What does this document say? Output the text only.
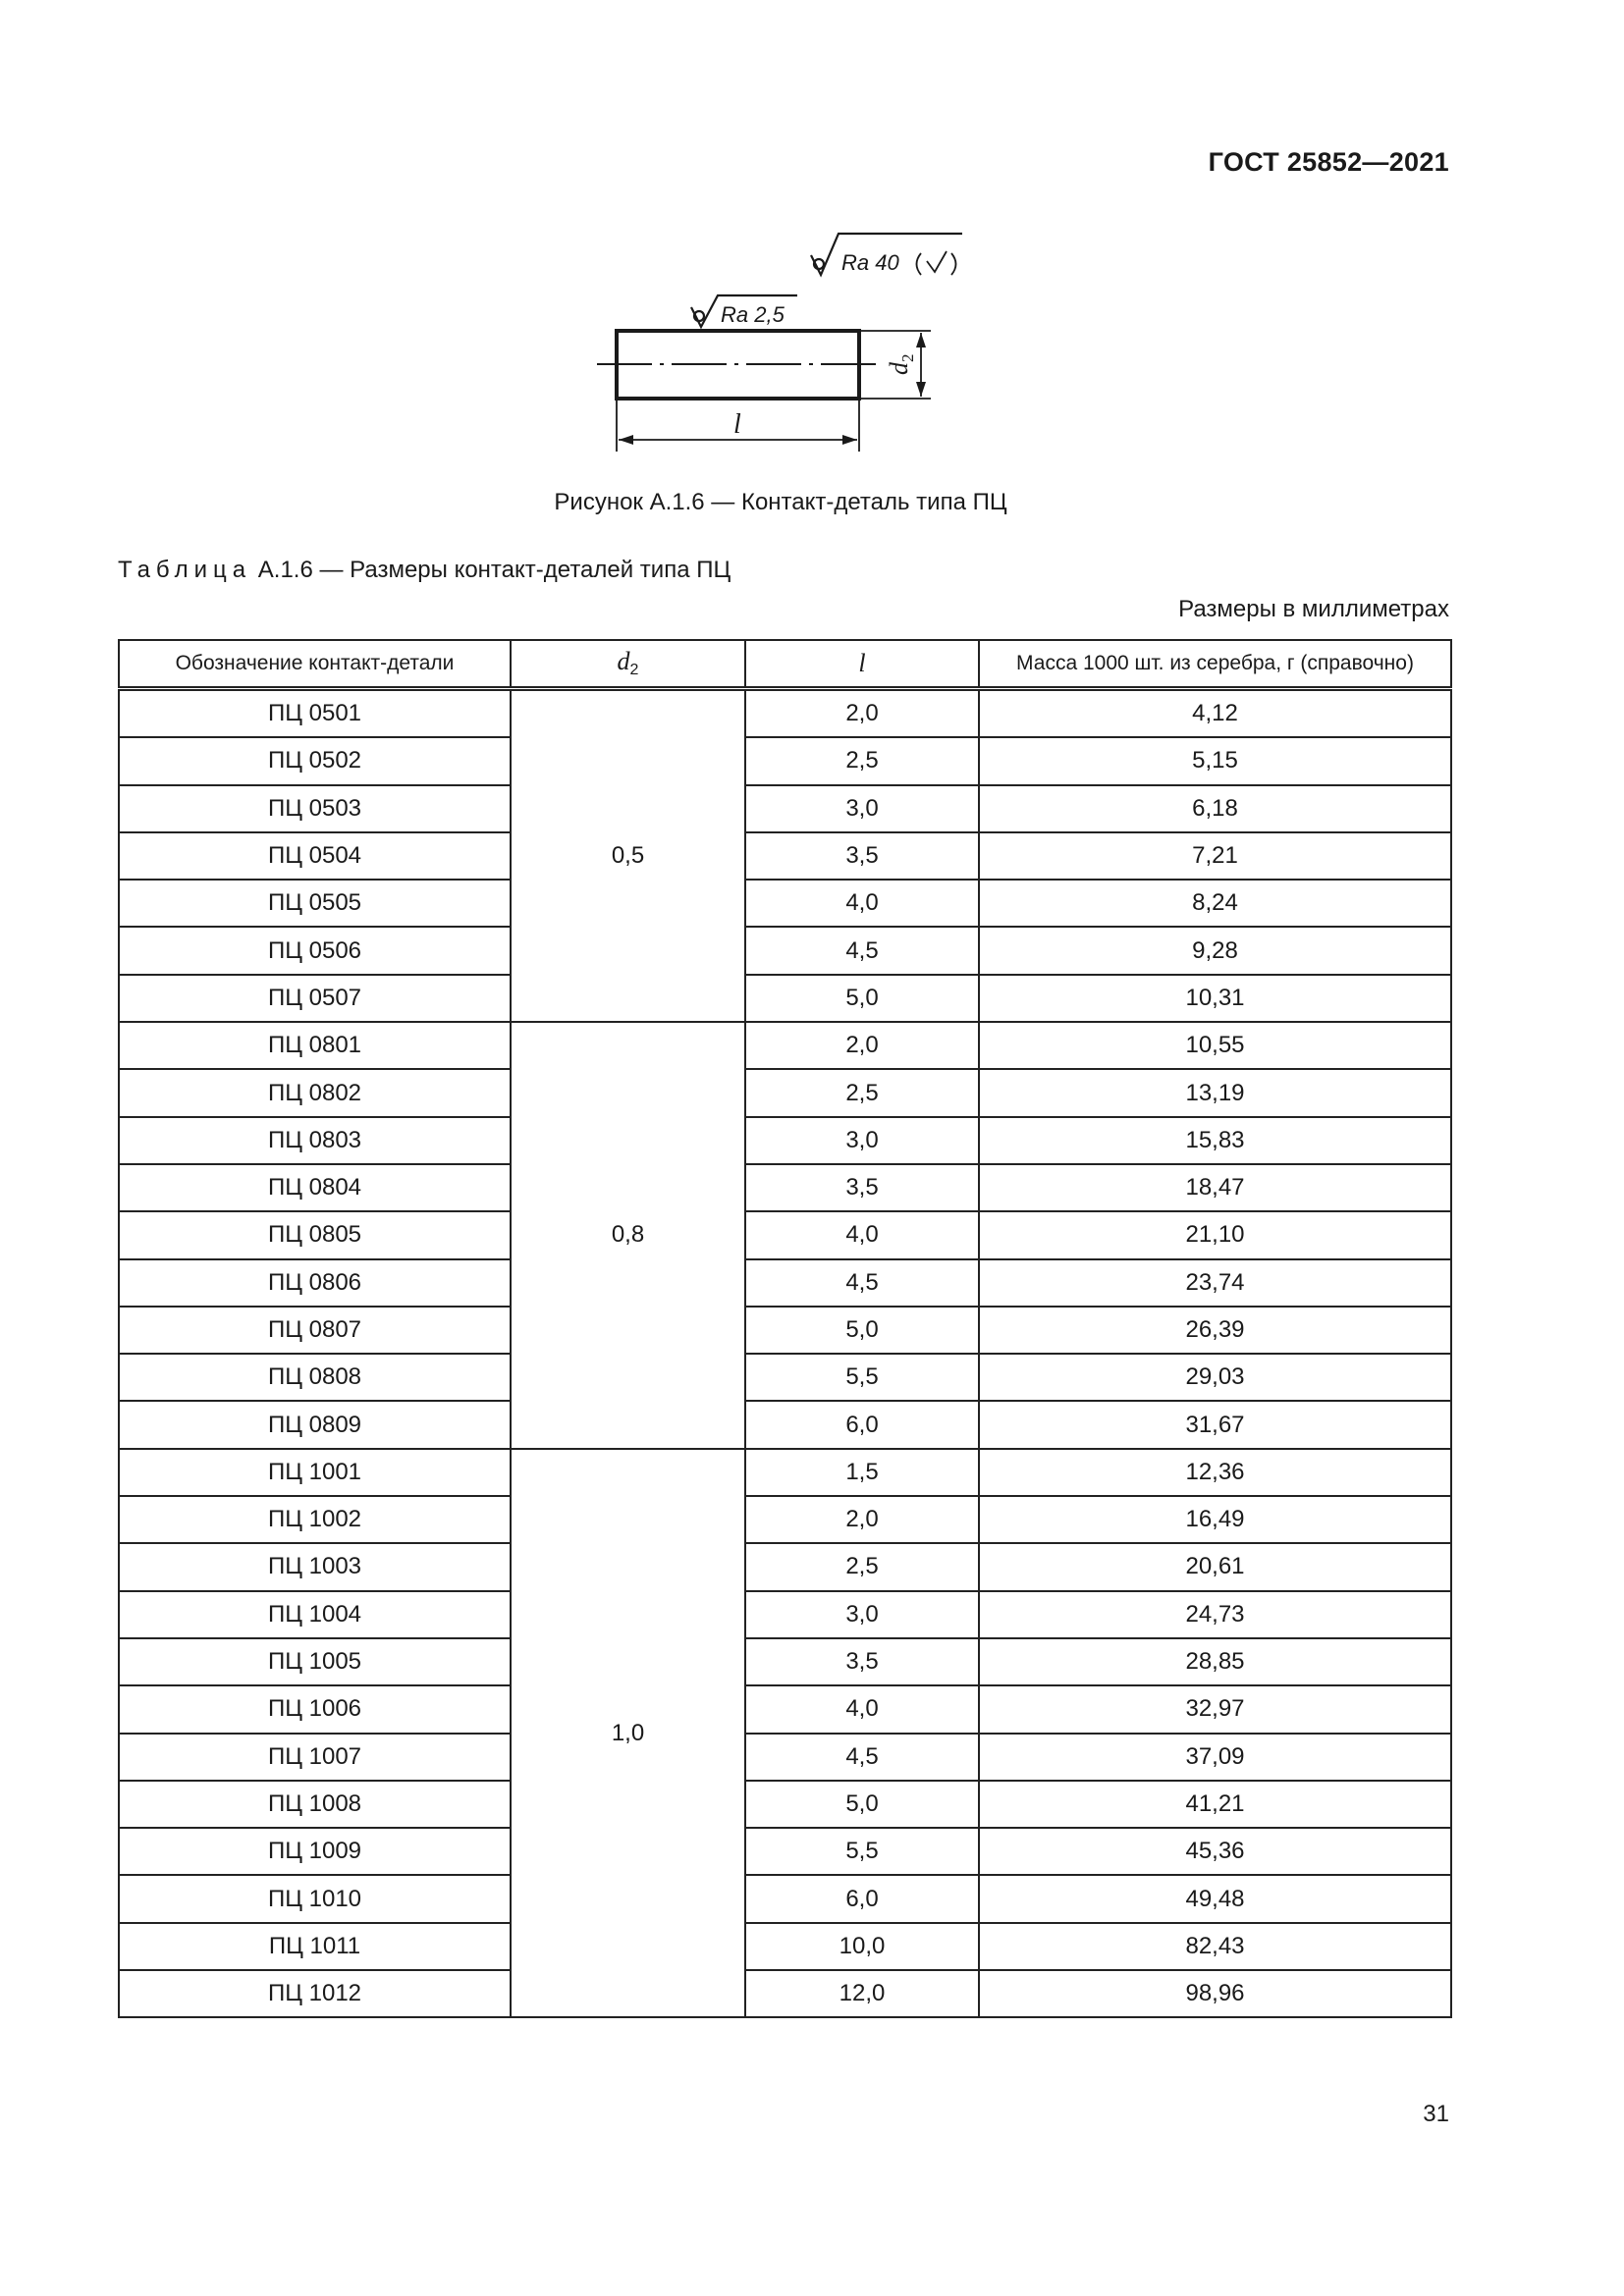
ГОСТ 25852—2021
Ra 40
Ra 2,5
$d_2$
l
Рисунок А.1.6 — Контакт-деталь типа ПЦ
Таблица А.1.6 — Размеры контакт-деталей типа ПЦ
Размеры в миллиметрах
Обозначение контакт-детали	$d_2$	l	Масса 1000 шт. из серебра, г (справочно)
ПЦ 0501	0,5	2,0	4,12
ПЦ 0502		2,5	5,15
ПЦ 0503		3,0	6,18
ПЦ 0504		3,5	7,21
ПЦ 0505		4,0	8,24
ПЦ 0506		4,5	9,28
ПЦ 0507		5,0	10,31
ПЦ 0801	0,8	2,0	10,55
ПЦ 0802		2,5	13,19
ПЦ 0803		3,0	15,83
ПЦ 0804		3,5	18,47
ПЦ 0805		4,0	21,10
ПЦ 0806		4,5	23,74
ПЦ 0807		5,0	26,39
ПЦ 0808		5,5	29,03
ПЦ 0809		6,0	31,67
ПЦ 1001	1,0	1,5	12,36
ПЦ 1002		2,0	16,49
ПЦ 1003		2,5	20,61
ПЦ 1004		3,0	24,73
ПЦ 1005		3,5	28,85
ПЦ 1006		4,0	32,97
ПЦ 1007		4,5	37,09
ПЦ 1008		5,0	41,21
ПЦ 1009		5,5	45,36
ПЦ 1010		6,0	49,48
ПЦ 1011		10,0	82,43
ПЦ 1012		12,0	98,96
31
